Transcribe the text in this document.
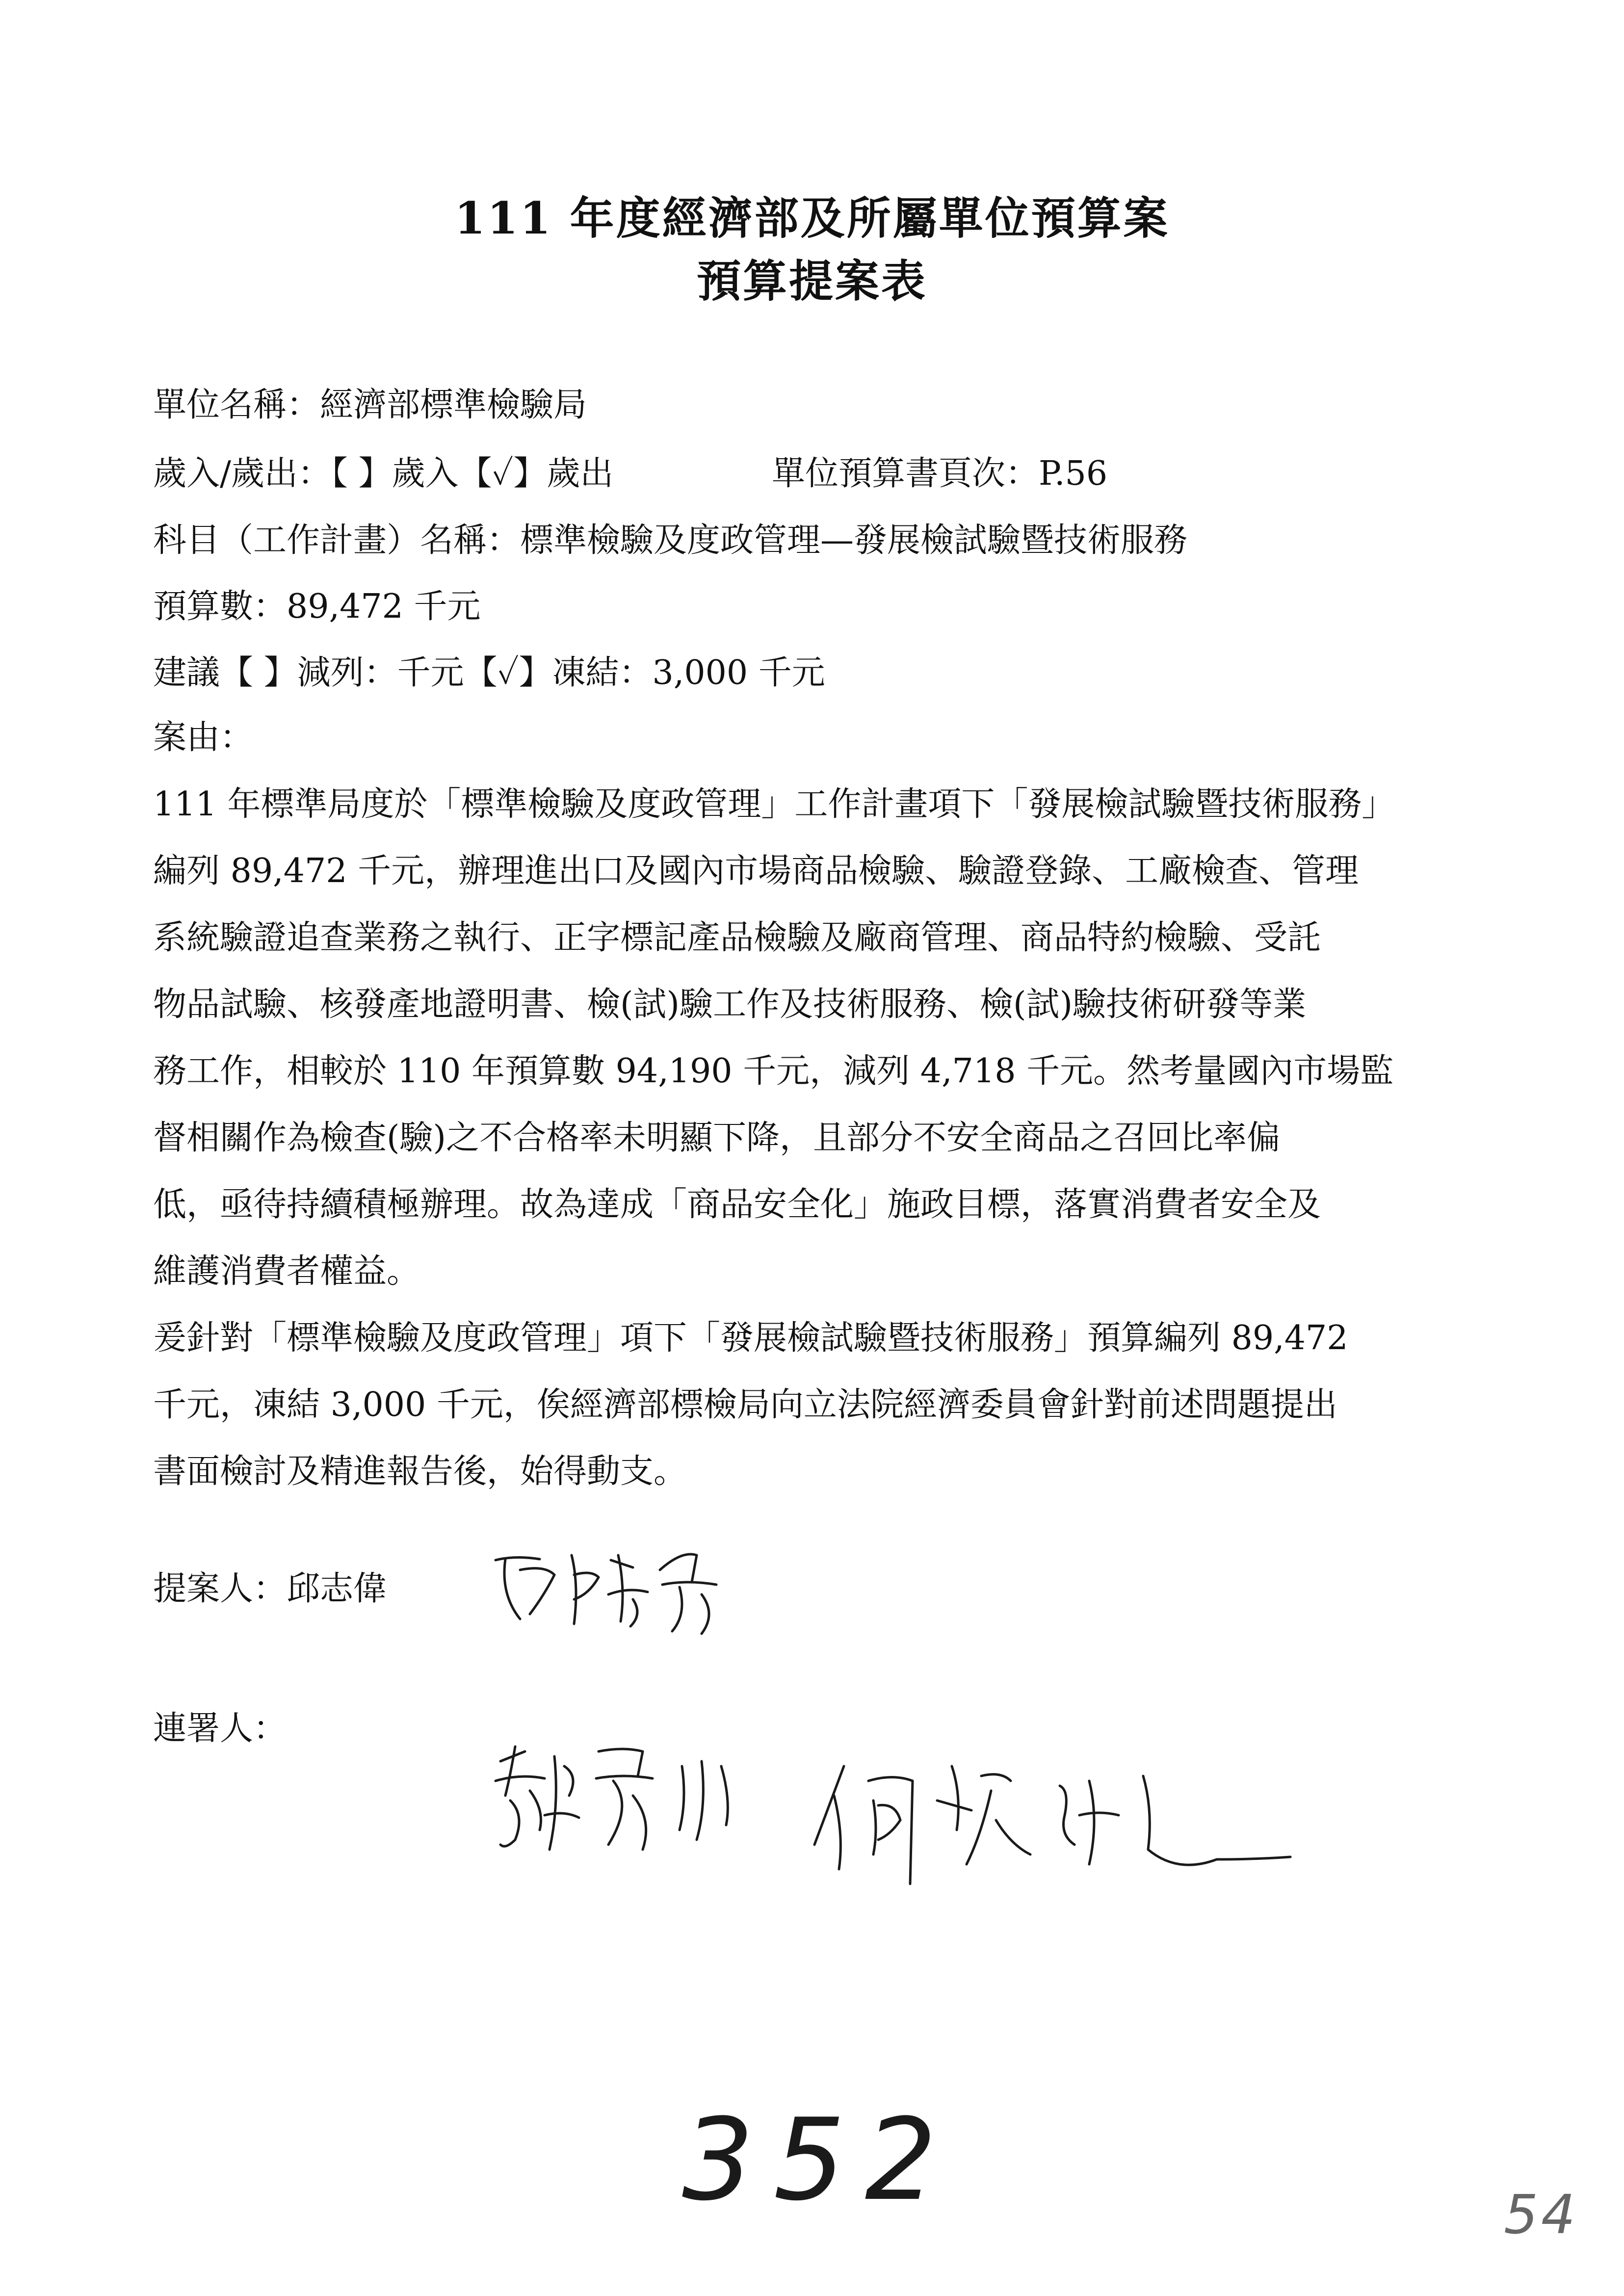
111 年度經濟部及所屬單位預算案
預算提案表
單位名稱：經濟部標準檢驗局
歲入/歲出：【 】歲入【✓】歲出	單位預算書頁次：P.56
科目（工作計畫）名稱：標準檢驗及度政管理—發展檢試驗暨技術服務
預算數：89,472 千元
建議【 】減列：千元【✓】凍結：3,000 千元
案由：
111 年標準局度於「標準檢驗及度政管理」工作計畫項下「發展檢試驗暨技術服務」
編列 89,472 千元，辦理進出口及國內市場商品檢驗、驗證登錄、工廠檢查、管理
系統驗證追查業務之執行、正字標記產品檢驗及廠商管理、商品特約檢驗、受託
物品試驗、核發產地證明書、檢(試)驗工作及技術服務、檢(試)驗技術研發等業
務工作，相較於 110 年預算數 94,190 千元，減列 4,718 千元。然考量國內市場監
督相關作為檢查(驗)之不合格率未明顯下降，且部分不安全商品之召回比率偏
低，亟待持續積極辦理。故為達成「商品安全化」施政目標，落實消費者安全及
維護消費者權益。
爰針對「標準檢驗及度政管理」項下「發展檢試驗暨技術服務」預算編列 89,472
千元，凍結 3,000 千元，俟經濟部標檢局向立法院經濟委員會針對前述問題提出
書面檢討及精進報告後，始得動支。
提案人：邱志偉
連署人：
352	54
